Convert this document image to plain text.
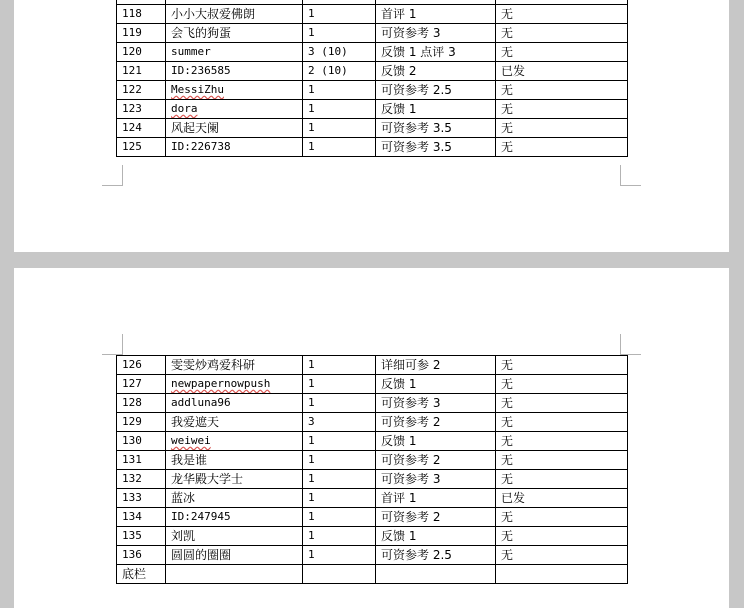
118	小小大叔爱佛朗	1	首评 1	无
119	会飞的狗蛋	1	可资参考 3	无
120	summer	3 (10)	反馈 1 点评 3	无
121	ID:236585	2 (10)	反馈 2	已发
122	MessiZhu	1	可资参考 2.5	无
123	dora	1	反馈 1	无
124	风起天阑	1	可资参考 3.5	无
125	ID:226738	1	可资参考 3.5	无
126	雯雯炒鸡爱科研	1	详细可参 2	无
127	newpapernowpush	1	反馈 1	无
128	addluna96	1	可资参考 3	无
129	我爱遮天	3	可资参考 2	无
130	weiwei	1	反馈 1	无
131	我是谁	1	可资参考 2	无
132	龙华殿大学士	1	可资参考 3	无
133	蓝冰	1	首评 1	已发
134	ID:247945	1	可资参考 2	无
135	刘凯	1	反馈 1	无
136	圆圆的圈圈	1	可资参考 2.5	无
底栏				
